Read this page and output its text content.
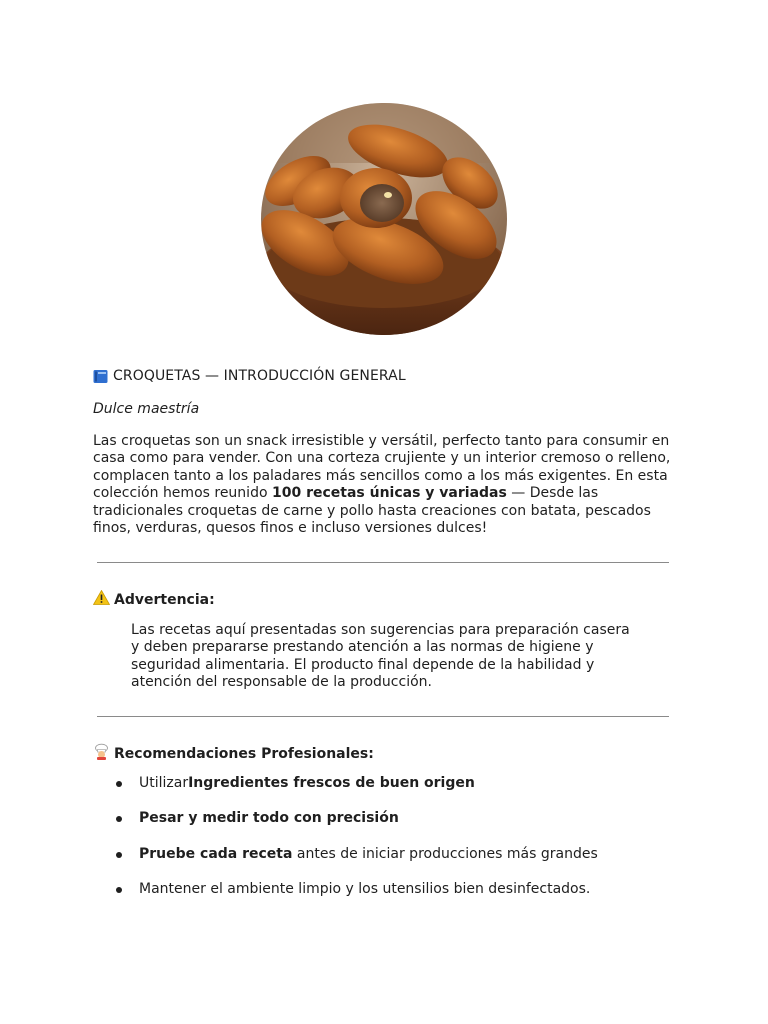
CROQUETAS — INTRODUCCIÓN GENERAL
Dulce maestría

Las croquetas son un snack irresistible y versátil, perfecto tanto para consumir en casa como para vender. Con una corteza crujiente y un interior cremoso o relleno, complacen tanto a los paladares más sencillos como a los más exigentes. En esta colección hemos reunido 100 recetas únicas y variadas — Desde las tradicionales croquetas de carne y pollo hasta creaciones con batata, pescados finos, verduras, quesos finos e incluso versiones dulces!

Advertencia:

Las recetas aquí presentadas son sugerencias para preparación casera y deben prepararse prestando atención a las normas de higiene y seguridad alimentaria. El producto final depende de la habilidad y atención del responsable de la producción.

Recomendaciones Profesionales:
UtilizarIngredientes frescos de buen origen
Pesar y medir todo con precisión
Pruebe cada receta antes de iniciar producciones más grandes
Mantener el ambiente limpio y los utensilios bien desinfectados.
